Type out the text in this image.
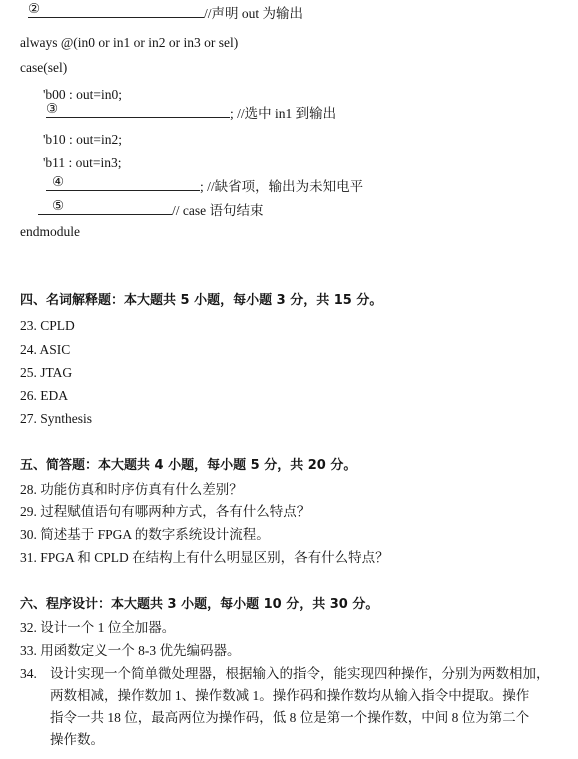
②	//声明 out 为输出
always @(in0 or in1 or in2 or in3 or sel)
case(sel)
'b00 : out=in0;
③	; //选中 in1 到输出
'b10 : out=in2;
'b11 : out=in3;
④	; //缺省项，输出为未知电平
⑤	// case 语句结束
endmodule
四、名词解释题：本大题共 5 小题，每小题 3 分，共 15 分。
23. CPLD
24. ASIC
25. JTAG
26. EDA
27. Synthesis
五、简答题：本大题共 4 小题，每小题 5 分，共 20 分。
28. 功能仿真和时序仿真有什么差别？
29. 过程赋值语句有哪两种方式，各有什么特点？
30. 简述基于 FPGA 的数字系统设计流程。
31. FPGA 和 CPLD 在结构上有什么明显区别，各有什么特点？
六、程序设计：本大题共 3 小题，每小题 10 分，共 30 分。
32. 设计一个 1 位全加器。
33. 用函数定义一个 8-3 优先编码器。
34. 设计实现一个简单微处理器，根据输入的指令，能实现四种操作，分别为两数相加，
两数相减，操作数加 1、操作数减 1。操作码和操作数均从输入指令中提取。操作
指令一共 18 位，最高两位为操作码，低 8 位是第一个操作数，中间 8 位为第二个
操作数。
